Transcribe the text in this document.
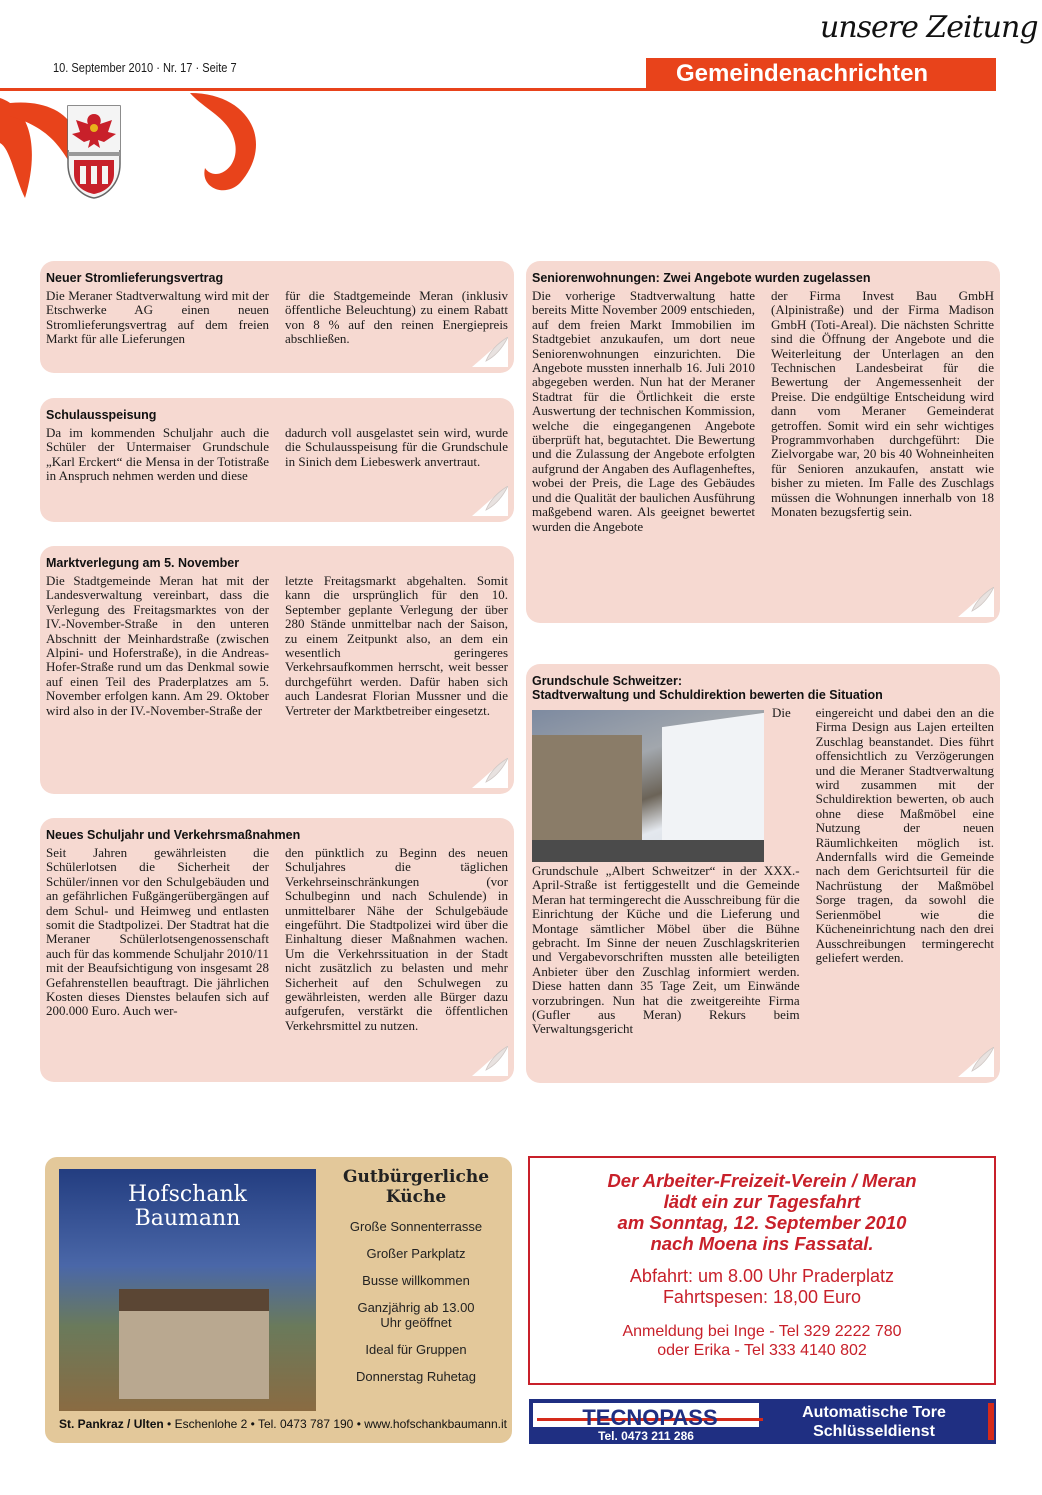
10. September 2010 · Nr. 17 · Seite 7
unsere Zeitung
Gemeindenachrichten
Neuer Stromlieferungsvertrag
Die Meraner Stadtverwaltung wird mit der Etschwerke AG einen neuen Stromlieferungsvertrag auf dem freien Markt für alle Lieferungen
für die Stadtgemeinde Meran (inklusiv öffentliche Beleuchtung) zu einem Rabatt von 8 % auf den reinen Energiepreis abschließen.
Schulausspeisung
Da im kommenden Schuljahr auch die Schüler der Untermaiser Grundschule „Karl Erckert“ die Mensa in der Totistraße in Anspruch nehmen werden und diese
dadurch voll ausgelastet sein wird, wurde die Schulausspeisung für die Grundschule in Sinich dem Liebeswerk anvertraut.
Marktverlegung am 5. November
Die Stadtgemeinde Meran hat mit der Landesverwaltung vereinbart, dass die Verlegung des Freitagsmarktes von der IV.-November-Straße in den unteren Abschnitt der Meinhardstraße (zwischen Alpini- und Hoferstraße), in die Andreas-Hofer-Straße rund um das Denkmal sowie auf einen Teil des Praderplatzes am 5. November erfolgen kann. Am 29. Oktober wird also in der IV.-November-Straße der
letzte Freitagsmarkt abgehalten. Somit kann die ursprünglich für den 10. September geplante Verlegung der über 280 Stände unmittelbar nach der Saison, zu einem Zeitpunkt also, an dem ein wesentlich geringeres Verkehrsaufkommen herrscht, weit besser durchgeführt werden. Dafür haben sich auch Landesrat Florian Mussner und die Vertreter der Marktbetreiber eingesetzt.
Neues Schuljahr und Verkehrsmaßnahmen
Seit Jahren gewährleisten die Schülerlotsen die Sicherheit der Schüler/innen vor den Schulgebäuden und an gefährlichen Fußgängerübergängen auf dem Schul- und Heimweg und entlasten somit die Stadtpolizei. Der Stadtrat hat die Meraner Schülerlotsengenossenschaft auch für das kommende Schuljahr 2010/11 mit der Beaufsichtigung von insgesamt 28 Gefahrenstellen beauftragt. Die jährlichen Kosten dieses Dienstes belaufen sich auf 200.000 Euro. Auch wer-
den pünktlich zu Beginn des neuen Schuljahres die täglichen Verkehrseinschränkungen (vor Schulbeginn und nach Schulende) in unmittelbarer Nähe der Schulgebäude eingeführt. Die Stadtpolizei wird über die Einhaltung dieser Maßnahmen wachen. Um die Verkehrssituation in der Stadt nicht zusätzlich zu belasten und mehr Sicherheit auf den Schulwegen zu gewährleisten, werden alle Bürger dazu aufgerufen, verstärkt die öffentlichen Verkehrsmittel zu nutzen.
Seniorenwohnungen: Zwei Angebote wurden zugelassen
Die vorherige Stadtverwaltung hatte bereits Mitte November 2009 entschieden, auf dem freien Markt Immobilien im Stadtgebiet anzukaufen, um dort neue Seniorenwohnungen einzurichten. Die Angebote mussten innerhalb 16. Juli 2010 abgegeben werden. Nun hat der Meraner Stadtrat für die Örtlichkeit die erste Auswertung der technischen Kommission, welche die eingegangenen Angebote überprüft hat, begutachtet. Die Bewertung und die Zulassung der Angebote erfolgten aufgrund der Angaben des Auflagenheftes, wobei der Preis, die Lage des Gebäudes und die Qualität der baulichen Ausführung maßgebend waren. Als geeignet bewertet wurden die Angebote
der Firma Invest Bau GmbH (Alpinistraße) und der Firma Madison GmbH (Toti-Areal). Die nächsten Schritte sind die Öffnung der Angebote und die Weiterleitung der Unterlagen an den Technischen Landesbeirat für die Bewertung der Angemessenheit der Preise. Die endgültige Entscheidung wird dann vom Meraner Gemeinderat getroffen. Somit wird ein sehr wichtiges Programmvorhaben durchgeführt: Die Zielvorgabe war, 20 bis 40 Wohneinheiten für Senioren anzukaufen, anstatt wie bisher zu mieten. Im Falle des Zuschlags müssen die Wohnungen innerhalb von 18 Monaten bezugsfertig sein.
Grundschule Schweitzer:
Stadtverwaltung und Schuldirektion bewerten die Situation
Die Grundschule „Albert Schweitzer“ in der XXX.-April-Straße ist fertiggestellt und die Gemeinde Meran hat termingerecht die Ausschreibung für die Einrichtung der Küche und die Lieferung und Montage sämtlicher Möbel über die Bühne gebracht. Im Sinne der neuen Zuschlagskriterien und Vergabevorschriften mussten alle beteiligten Anbieter über den Zuschlag informiert werden. Diese hatten dann 35 Tage Zeit, um Einwände vorzubringen. Nun hat die zweitgereihte Firma (Gufler aus Meran) Rekurs beim Verwaltungsgericht
eingereicht und dabei den an die Firma Design aus Lajen erteilten Zuschlag beanstandet. Dies führt offensichtlich zu Verzögerungen und die Meraner Stadtverwaltung wird zusammen mit der Schuldirektion bewerten, ob auch ohne diese Maßmöbel eine Nutzung der neuen Räumlichkeiten möglich ist. Andernfalls wird die Gemeinde nach dem Gerichtsurteil für die Nachrüstung der Maßmöbel Sorge tragen, da sowohl die Serienmöbel wie die Kücheneinrichtung nach den drei Ausschreibungen termingerecht geliefert werden.
Hofschank
Baumann
Gutbürgerliche Küche
Große Sonnenterrasse
Großer Parkplatz
Busse willkommen
Ganzjährig ab 13.00 Uhr geöffnet
Ideal für Gruppen
Donnerstag Ruhetag
St. Pankraz / Ulten • Eschenlohe 2 • Tel. 0473 787 190 • www.hofschankbaumann.it
Der Arbeiter-Freizeit-Verein / Meran
lädt ein zur Tagesfahrt
am Sonntag, 12. September 2010
nach Moena ins Fassatal.
Abfahrt: um 8.00 Uhr Praderplatz
Fahrtspesen: 18,00 Euro
Anmeldung bei Inge - Tel 329 2222 780
oder Erika - Tel 333 4140 802
TECNOPASS
Tel. 0473 211 286
Automatische Tore
Schlüsseldienst
